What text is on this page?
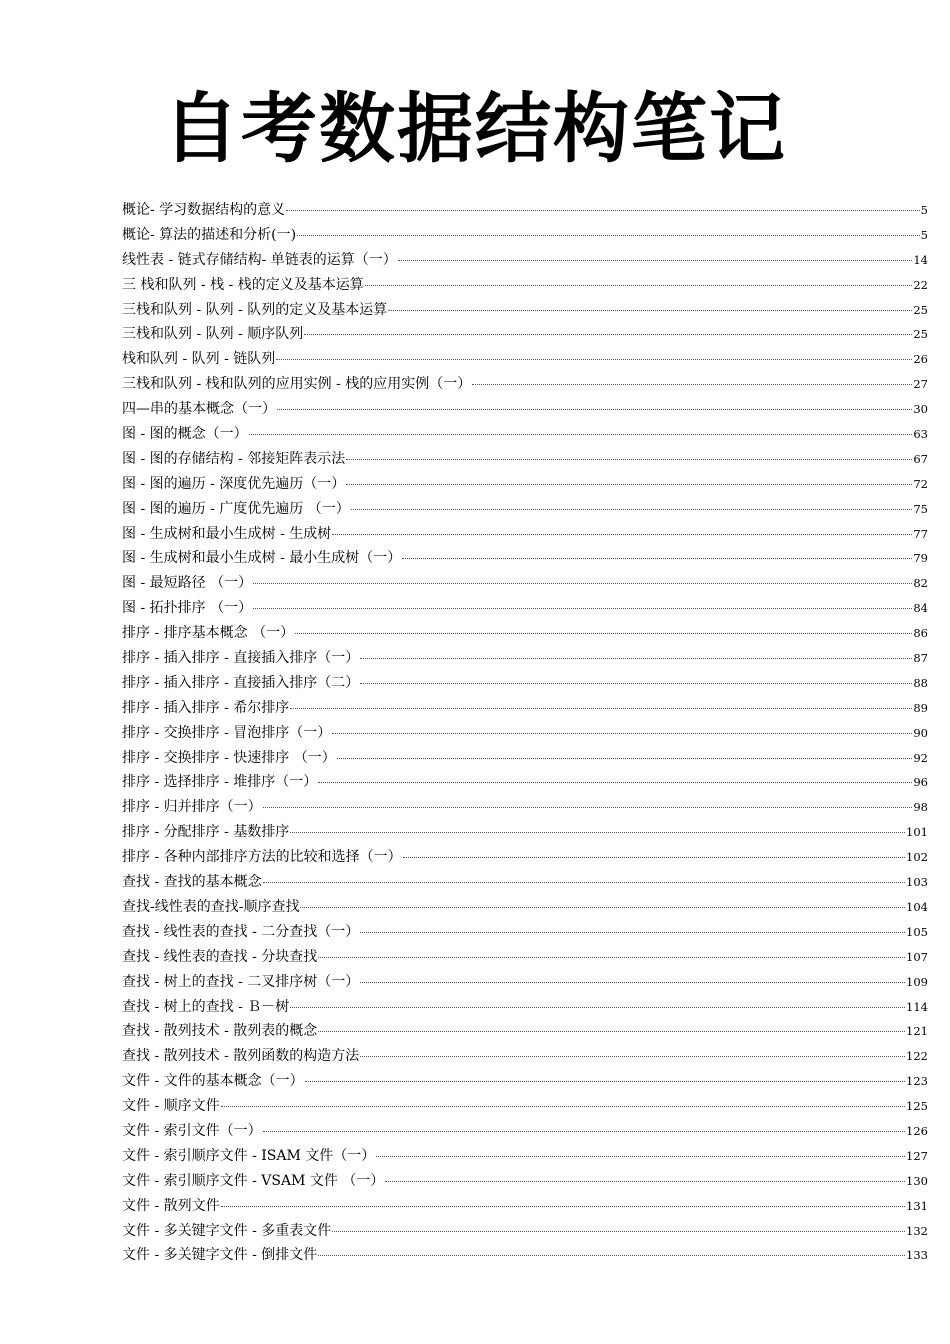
自考数据结构笔记
概论- 学习数据结构的意义	5
概论- 算法的描述和分析(一)	5
线性表 - 链式存储结构- 单链表的运算（一）	14
三 栈和队列 - 栈 - 栈的定义及基本运算	22
三栈和队列 - 队列 - 队列的定义及基本运算	25
三栈和队列 - 队列 - 顺序队列	25
栈和队列 - 队列 - 链队列	26
三栈和队列 - 栈和队列的应用实例 - 栈的应用实例（一）	27
四—串的基本概念（一）	30
图 - 图的概念（一）	63
图 - 图的存储结构 - 邻接矩阵表示法	67
图 - 图的遍历 - 深度优先遍历（一）	72
图 - 图的遍历 - 广度优先遍历 （一）	75
图 - 生成树和最小生成树 - 生成树	77
图 - 生成树和最小生成树 - 最小生成树（一）	79
图 - 最短路径 （一）	82
图 - 拓扑排序 （一）	84
排序 - 排序基本概念 （一）	86
排序 - 插入排序 - 直接插入排序（一）	87
排序 - 插入排序 - 直接插入排序（二）	88
排序 - 插入排序 - 希尔排序	89
排序 - 交换排序 - 冒泡排序（一）	90
排序 - 交换排序 - 快速排序 （一）	92
排序 - 选择排序 - 堆排序（一）	96
排序 - 归并排序（一）	98
排序 - 分配排序 - 基数排序	101
排序 - 各种内部排序方法的比较和选择（一）	102
查找 - 查找的基本概念	103
查找-线性表的查找-顺序查找	104
查找 - 线性表的查找 - 二分查找（一）	105
查找 - 线性表的查找 - 分块查找	107
查找 - 树上的查找 - 二叉排序树（一）	109
查找 - 树上的查找 - Ｂ－树	114
查找 - 散列技术 - 散列表的概念	121
查找 - 散列技术 - 散列函数的构造方法	122
文件 - 文件的基本概念（一）	123
文件 - 顺序文件	125
文件 - 索引文件（一）	126
文件 - 索引顺序文件 - ISAM 文件（一）	127
文件 - 索引顺序文件 - VSAM 文件 （一）	130
文件 - 散列文件	131
文件 - 多关键字文件 - 多重表文件	132
文件 - 多关键字文件 - 倒排文件	133
